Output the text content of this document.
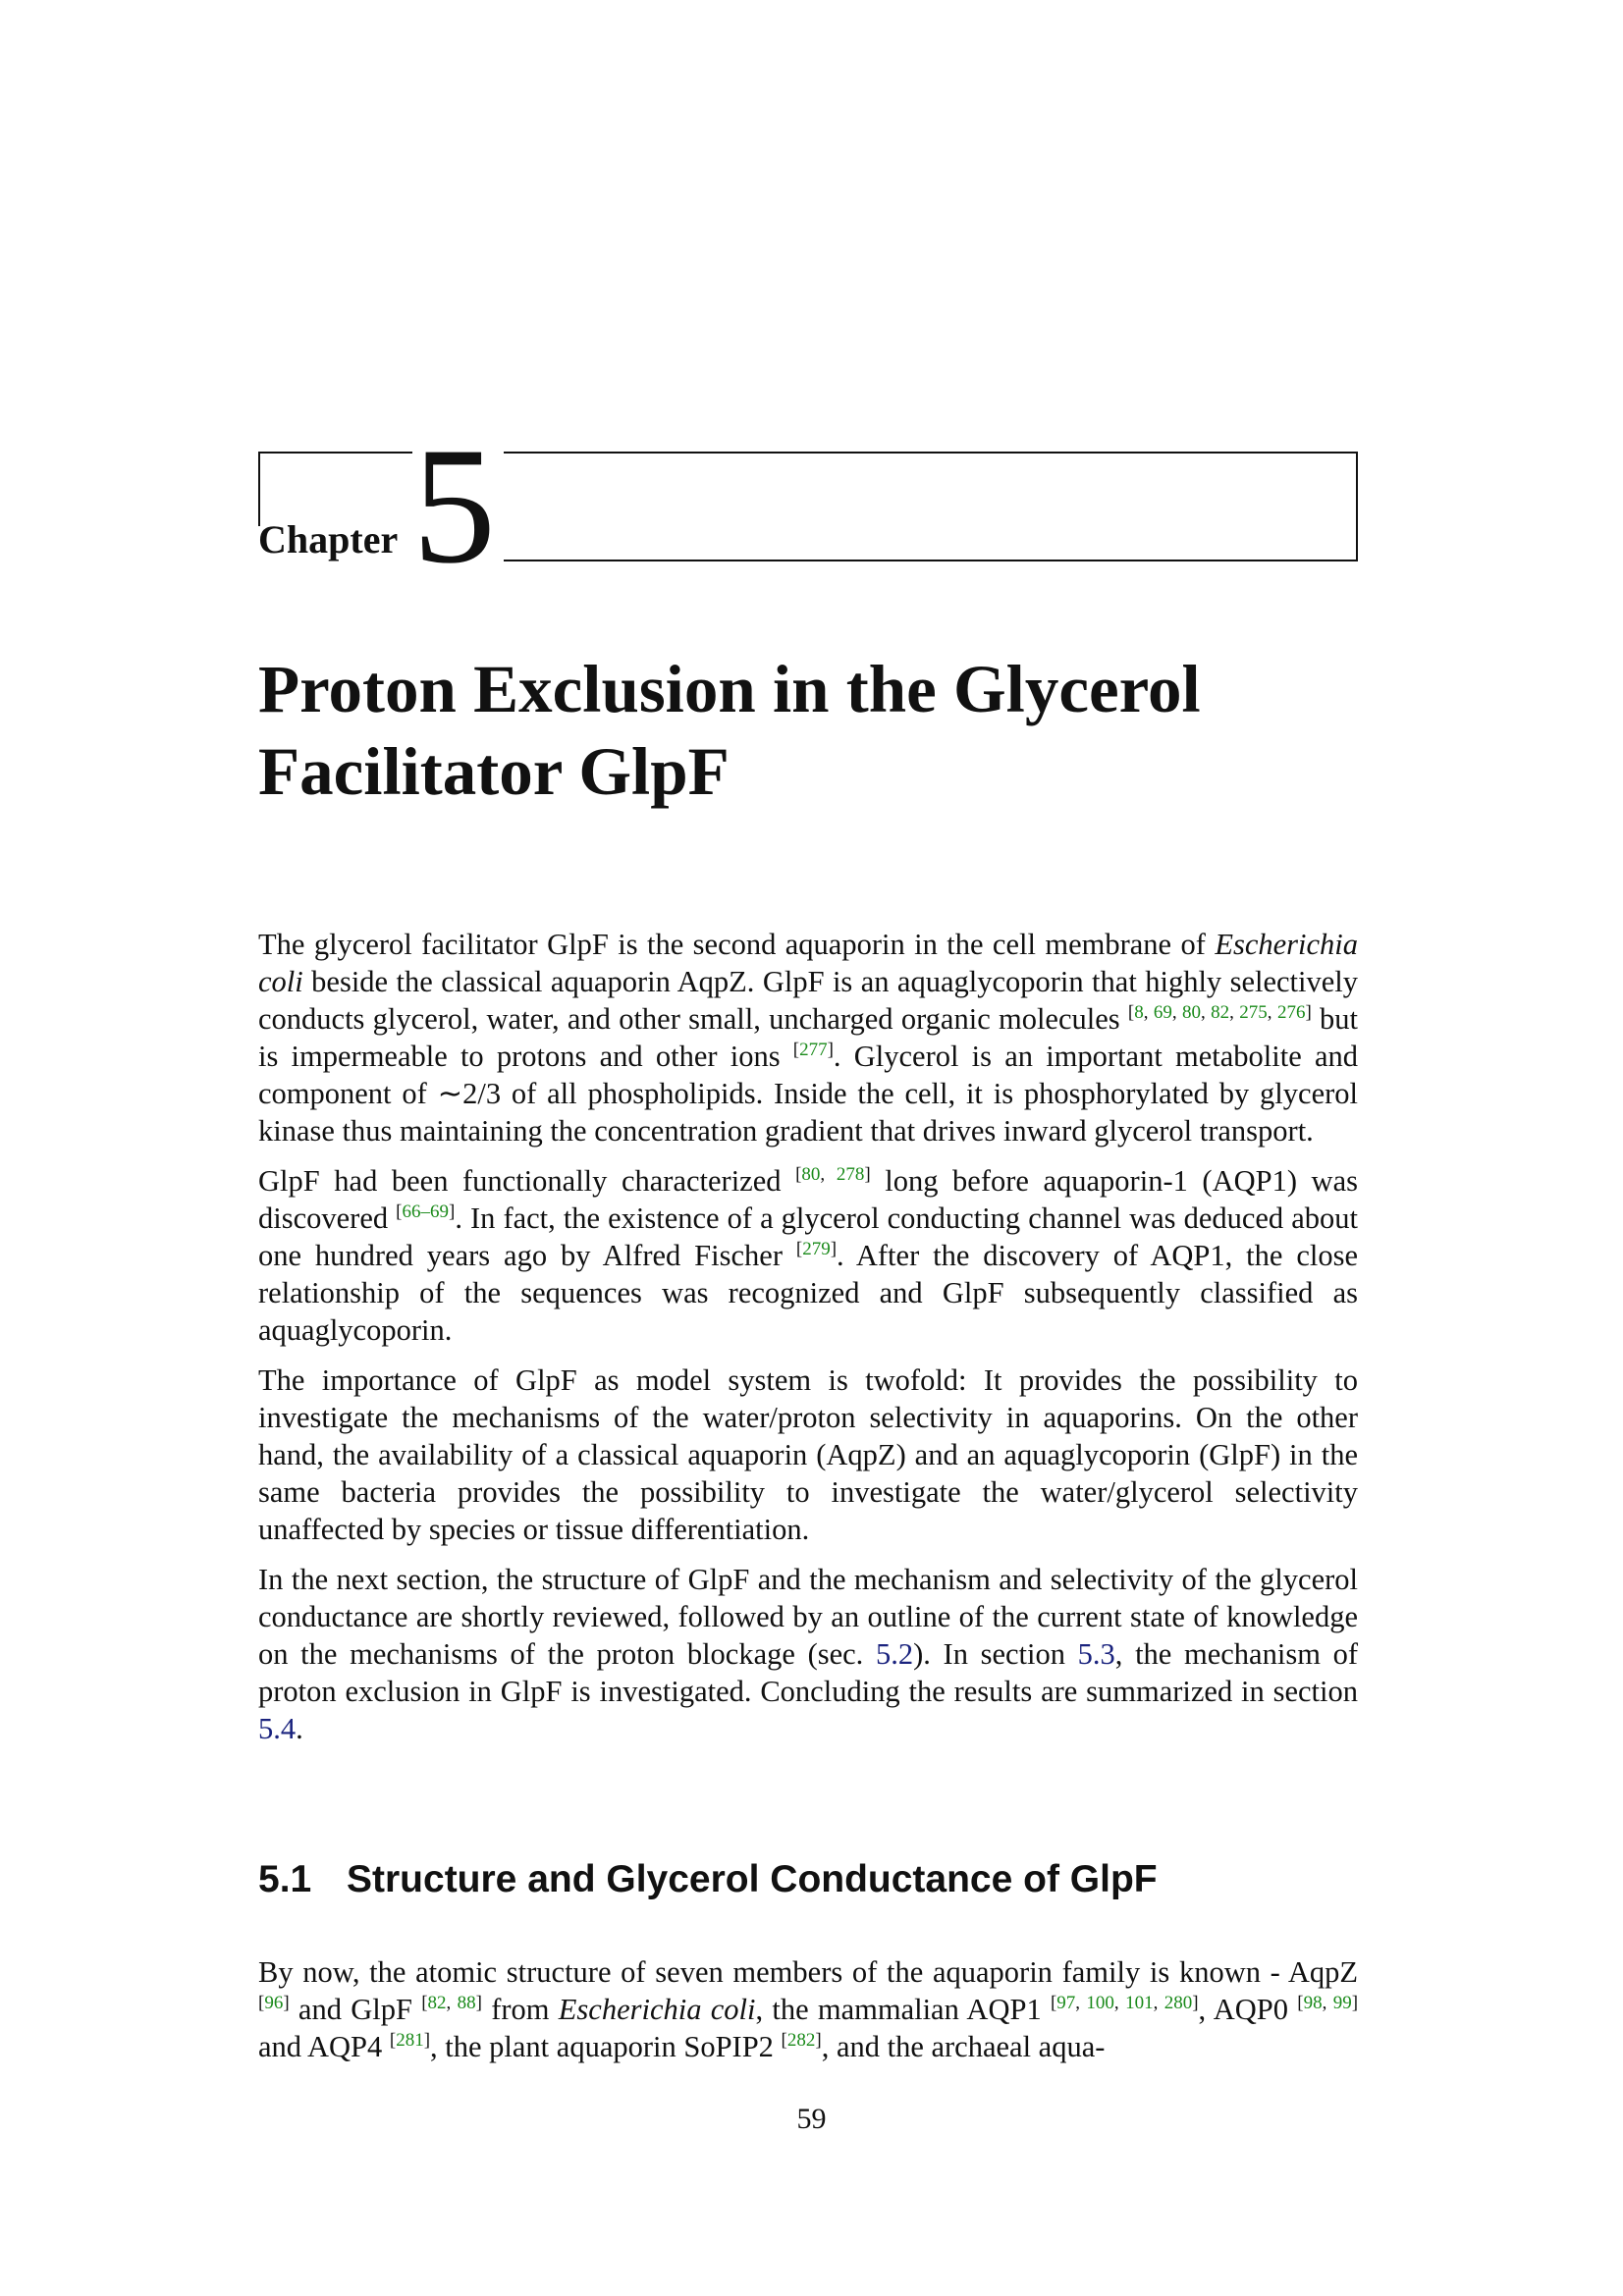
Chapter 5
Proton Exclusion in the Glycerol
Facilitator GlpF

The glycerol facilitator GlpF is the second aquaporin in the cell membrane of Escherichia coli beside the classical aquaporin AqpZ. GlpF is an aquaglycoporin that highly selectively conducts glycerol, water, and other small, uncharged organic molecules [8, 69, 80, 82, 275, 276] but is impermeable to protons and other ions [277]. Glycerol is an important metabolite and component of ∼2/3 of all phospholipids. Inside the cell, it is phosphorylated by glycerol kinase thus maintaining the concentration gradient that drives inward glycerol transport.

GlpF had been functionally characterized [80, 278] long before aquaporin-1 (AQP1) was discovered [66–69]. In fact, the existence of a glycerol conducting channel was deduced about one hundred years ago by Alfred Fischer [279]. After the discovery of AQP1, the close relationship of the sequences was recognized and GlpF subsequently classified as aquaglycoporin.

The importance of GlpF as model system is twofold: It provides the possibility to investigate the mechanisms of the water/proton selectivity in aquaporins. On the other hand, the availability of a classical aquaporin (AqpZ) and an aquaglycoporin (GlpF) in the same bacteria provides the possibility to investigate the water/glycerol selectivity unaffected by species or tissue differentiation.

In the next section, the structure of GlpF and the mechanism and selectivity of the glycerol conductance are shortly reviewed, followed by an outline of the current state of knowledge on the mechanisms of the proton blockage (sec. 5.2). In section 5.3, the mechanism of proton exclusion in GlpF is investigated. Concluding the results are summarized in section 5.4.

5.1 Structure and Glycerol Conductance of GlpF

By now, the atomic structure of seven members of the aquaporin family is known - AqpZ [96] and GlpF [82, 88] from Escherichia coli, the mammalian AQP1 [97, 100, 101, 280], AQP0 [98, 99] and AQP4 [281], the plant aquaporin SoPIP2 [282], and the archaeal aqua-

59
